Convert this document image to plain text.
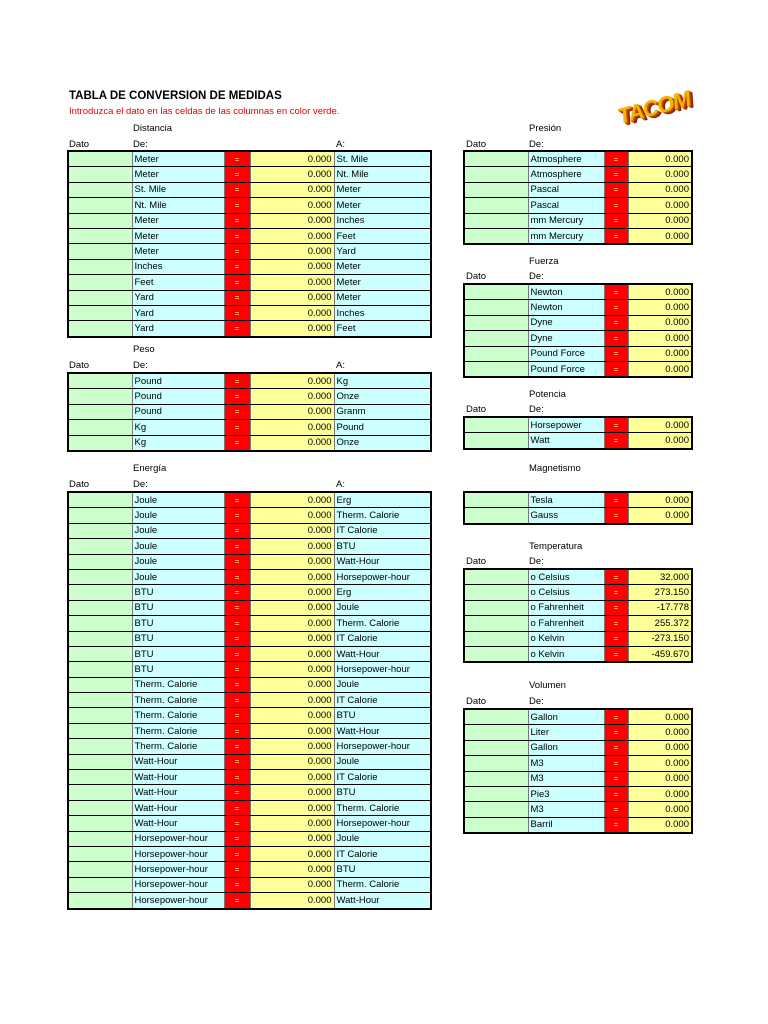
TABLA DE CONVERSION DE MEDIDAS
Introduzca el dato en las celdas de las columnas en color verde.	TACOM
Distancia
Dato	De:	A:
	Meter	=	0.000	St. Mile
	Meter	=	0.000	Nt. Mile
	St. Mile	=	0.000	Meter
	Nt. Mile	=	0.000	Meter
	Meter	=	0.000	Inches
	Meter	=	0.000	Feet
	Meter	=	0.000	Yard
	Inches	=	0.000	Meter
	Feet	=	0.000	Meter
	Yard	=	0.000	Meter
	Yard	=	0.000	Inches
	Yard	=	0.000	Feet
Peso
Dato	De:	A:
	Pound	=	0.000	Kg
	Pound	=	0.000	Onze
	Pound	=	0.000	Granm
	Kg	=	0.000	Pound
	Kg	=	0.000	Onze
Energía
Dato	De:	A:
	Joule	=	0.000	Erg
	Joule	=	0.000	Therm. Calorie
	Joule	=	0.000	IT Calorie
	Joule	=	0.000	BTU
	Joule	=	0.000	Watt-Hour
	Joule	=	0.000	Horsepower-hour
	BTU	=	0.000	Erg
	BTU	=	0.000	Joule
	BTU	=	0.000	Therm. Calorie
	BTU	=	0.000	IT Calorie
	BTU	=	0.000	Watt-Hour
	BTU	=	0.000	Horsepower-hour
	Therm. Calorie	=	0.000	Joule
	Therm. Calorie	=	0.000	IT Calorie
	Therm. Calorie	=	0.000	BTU
	Therm. Calorie	=	0.000	Watt-Hour
	Therm. Calorie	=	0.000	Horsepower-hour
	Watt-Hour	=	0.000	Joule
	Watt-Hour	=	0.000	IT Calorie
	Watt-Hour	=	0.000	BTU
	Watt-Hour	=	0.000	Therm. Calorie
	Watt-Hour	=	0.000	Horsepower-hour
	Horsepower-hour	=	0.000	Joule
	Horsepower-hour	=	0.000	IT Calorie
	Horsepower-hour	=	0.000	BTU
	Horsepower-hour	=	0.000	Therm. Calorie
	Horsepower-hour	=	0.000	Watt-Hour
Presión
Dato	De:
	Atmosphere	=	0.000
	Atmosphere	=	0.000
	Pascal	=	0.000
	Pascal	=	0.000
	mm Mercury	=	0.000
	mm Mercury	=	0.000
Fuerza
Dato	De:
	Newton	=	0.000
	Newton	=	0.000
	Dyne	=	0.000
	Dyne	=	0.000
	Pound Force	=	0.000
	Pound Force	=	0.000
Potencia
Dato	De:
	Horsepower	=	0.000
	Watt	=	0.000
Magnetismo
	Tesla	=	0.000
	Gauss	=	0.000
Temperatura
Dato	De:
	o Celsius	=	32.000
	o Celsius	=	273.150
	o Fahrenheit	=	-17.778
	o Fahrenheit	=	255.372
	o Kelvin	=	-273.150
	o Kelvin	=	-459.670
Volumen
Dato	De:
	Gallon	=	0.000
	Liter	=	0.000
	Gallon	=	0.000
	M3	=	0.000
	M3	=	0.000
	Pie3	=	0.000
	M3	=	0.000
	Barril	=	0.000
